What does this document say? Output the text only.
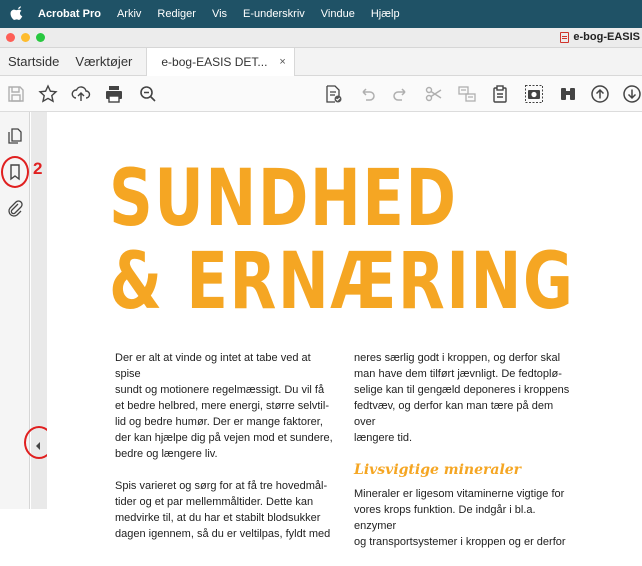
Acrobat Pro Arkiv Rediger Vis E-underskriv Vindue Hjælp
e-bog-EASIS
Startside	Værktøjer	e-bog-EASIS DET... ×
2 SUNDHED
& ERNÆRING

Der er alt at vinde og intet at tabe ved at spise
sundt og motionere regelmæssigt. Du vil få
et bedre helbred, mere energi, større selvtil-
lid og bedre humør. Der er mange faktorer,
der kan hjælpe dig på vejen mod et sundere,
bedre og længere liv.

Spis varieret og sørg for at få tre hovedmål-
tider og et par mellemmåltider. Dette kan
medvirke til, at du har et stabilt blodsukker
dagen igennem, så du er veltilpas, fyldt med

neres særlig godt i kroppen, og derfor skal
man have dem tilført jævnligt. De fedtoplø-
selige kan til gengæld deponeres i kroppens
fedtvæv, og derfor kan man tære på dem over
længere tid.

Livsvigtige mineraler

Mineraler er ligesom vitaminerne vigtige for
vores krops funktion. De indgår i bl.a. enzymer
og transportsystemer i kroppen og er derfor
